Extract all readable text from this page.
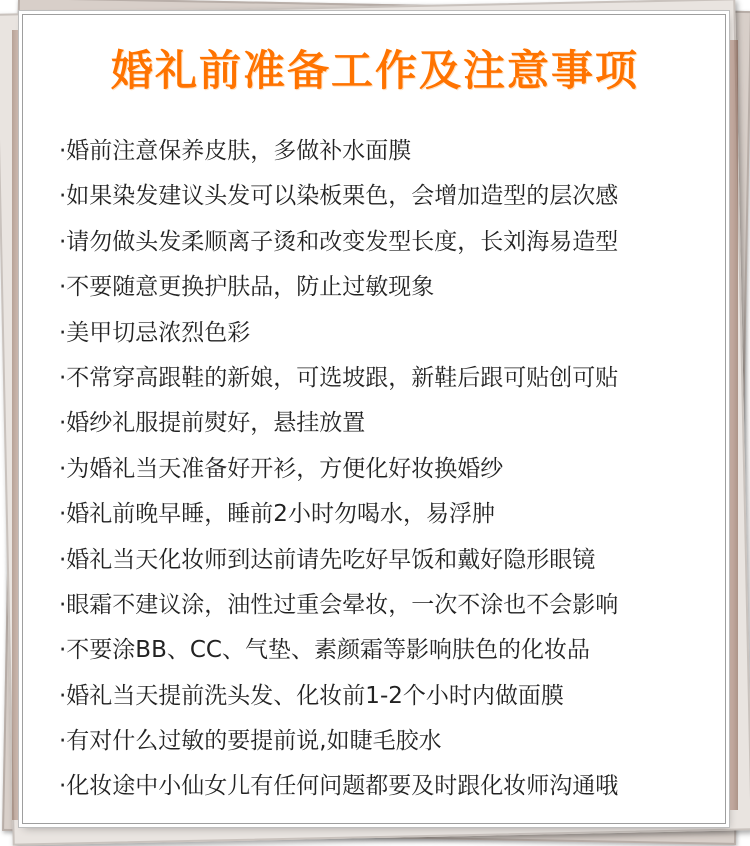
婚礼前准备工作及注意事项
·婚前注意保养皮肤，多做补水面膜
·如果染发建议头发可以染板栗色，会增加造型的层次感
·请勿做头发柔顺离子烫和改变发型长度，长刘海易造型
·不要随意更换护肤品，防止过敏现象
·美甲切忌浓烈色彩
·不常穿高跟鞋的新娘，可选坡跟，新鞋后跟可贴创可贴
·婚纱礼服提前熨好，悬挂放置
·为婚礼当天准备好开衫，方便化好妆换婚纱
·婚礼前晚早睡，睡前2小时勿喝水，易浮肿
·婚礼当天化妆师到达前请先吃好早饭和戴好隐形眼镜
·眼霜不建议涂，油性过重会晕妆，一次不涂也不会影响
·不要涂BB、CC、气垫、素颜霜等影响肤色的化妆品
·婚礼当天提前洗头发、化妆前1-2个小时内做面膜
·有对什么过敏的要提前说,如睫毛胶水
·化妆途中小仙女儿有任何问题都要及时跟化妆师沟通哦
